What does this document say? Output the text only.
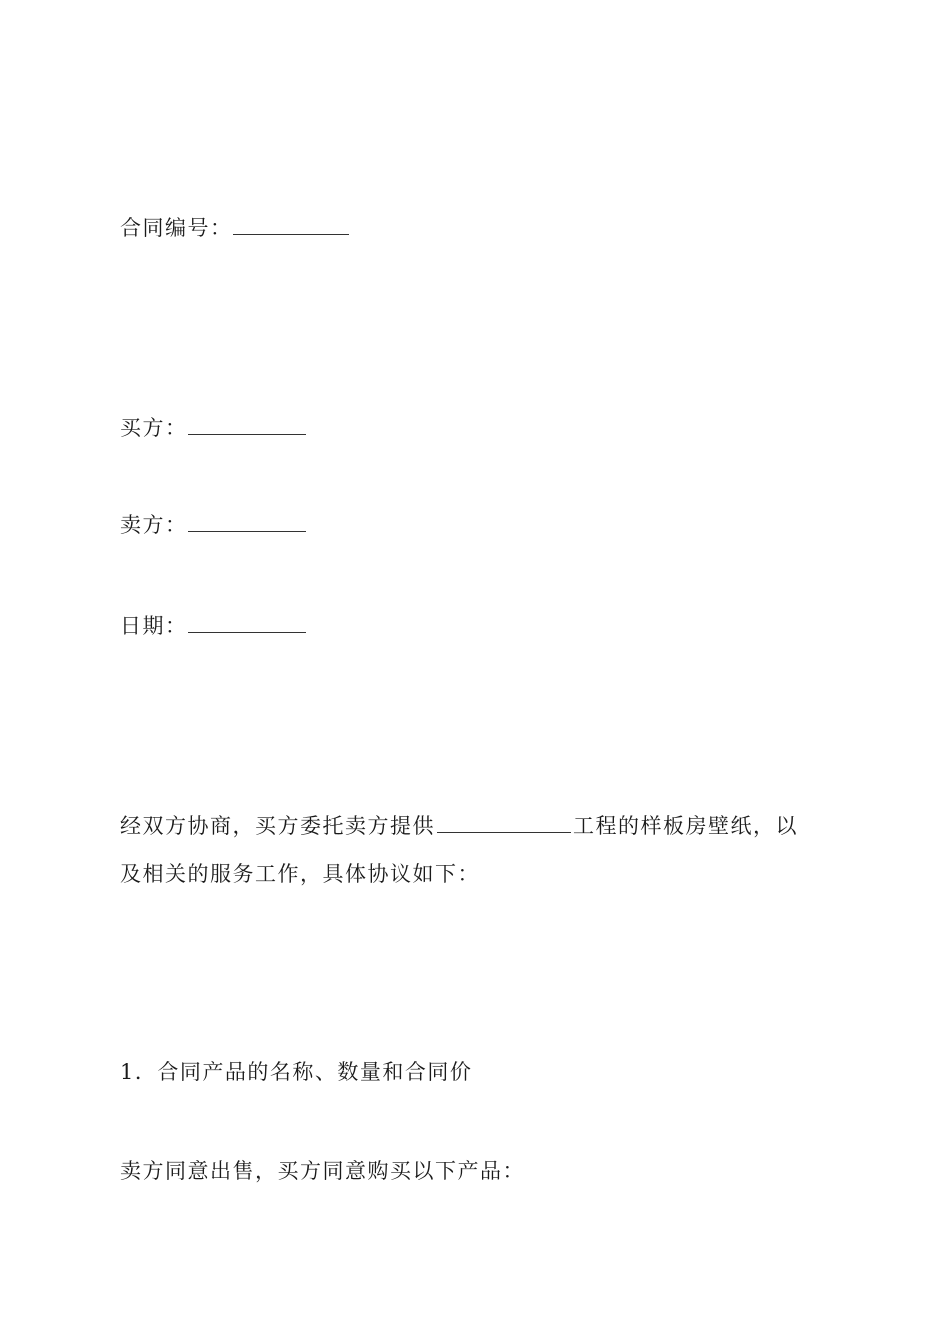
合同编号：
买方：
卖方：
日期：
经双方协商，买方委托卖方提供	工程的样板房壁纸，以
及相关的服务工作，具体协议如下：
1．合同产品的名称、数量和合同价
卖方同意出售，买方同意购买以下产品：
